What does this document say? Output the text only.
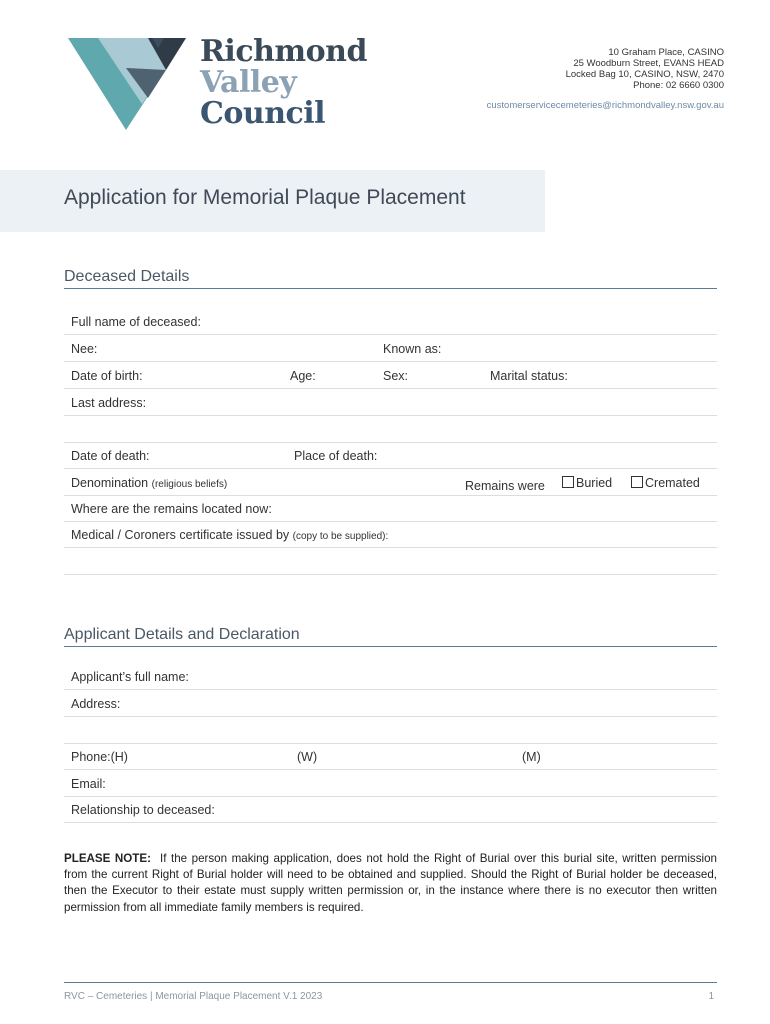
Richmond
Valley
Council
10 Graham Place, CASINO
25 Woodburn Street, EVANS HEAD
Locked Bag 10, CASINO, NSW, 2470
Phone: 02 6660 0300
customerservicecemeteries@richmondvalley.nsw.gov.au
Application for Memorial Plaque Placement
Deceased Details
Full name of deceased:
Nee:	Known as:
Date of birth:	Age:	Sex:	Marital status:
Last address:
Date of death:	Place of death:
Denomination (religious beliefs)	Remains were	Buried	Cremated
Where are the remains located now:
Medical / Coroners certificate issued by (copy to be supplied):
Applicant Details and Declaration
Applicant’s full name:
Address:
Phone:(H)	(W)	(M)
Email:
Relationship to deceased:
PLEASE NOTE: If the person making application, does not hold the Right of Burial over this burial site, written permission from the current Right of Burial holder will need to be obtained and supplied. Should the Right of Burial holder be deceased, then the Executor to their estate must supply written permission or, in the instance where there is no executor then written permission from all immediate family members is required.
RVC – Cemeteries | Memorial Plaque Placement V.1 2023	1
